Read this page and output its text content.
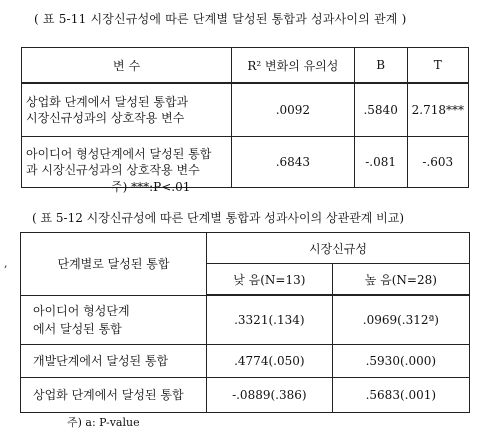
( 표 5-11 시장신규성에 따른 단계별 달성된 통합과 성과사이의 관계 )
변 수	R² 변화의 유의성	B	T

상업화 단계에서 달성된 통합과
시장신규성과의 상호작용 변수	.0092	.5840	2.718***

아이디어 형성단계에서 달성된 통합
과 시장신규성과의 상호작용 변수	.6843	-.081	-.603
주) ***:P<.01
( 표 5-12 시장신규성에 따른 단계별 통합과 성과사이의 상관관계 비교)
,	단계별로 달성된 통합	시장신규성	
	낮 음(N=13)	높 음(N=28)

아이디어 형성단계
에서 달성된 통합	.3321(.134)	.0969(.312ª)
개발단계에서 달성된 통합	.4774(.050)	.5930(.000)
상업화 단계에서 달성된 통합	-.0889(.386)	.5683(.001)
주) a: P-value
